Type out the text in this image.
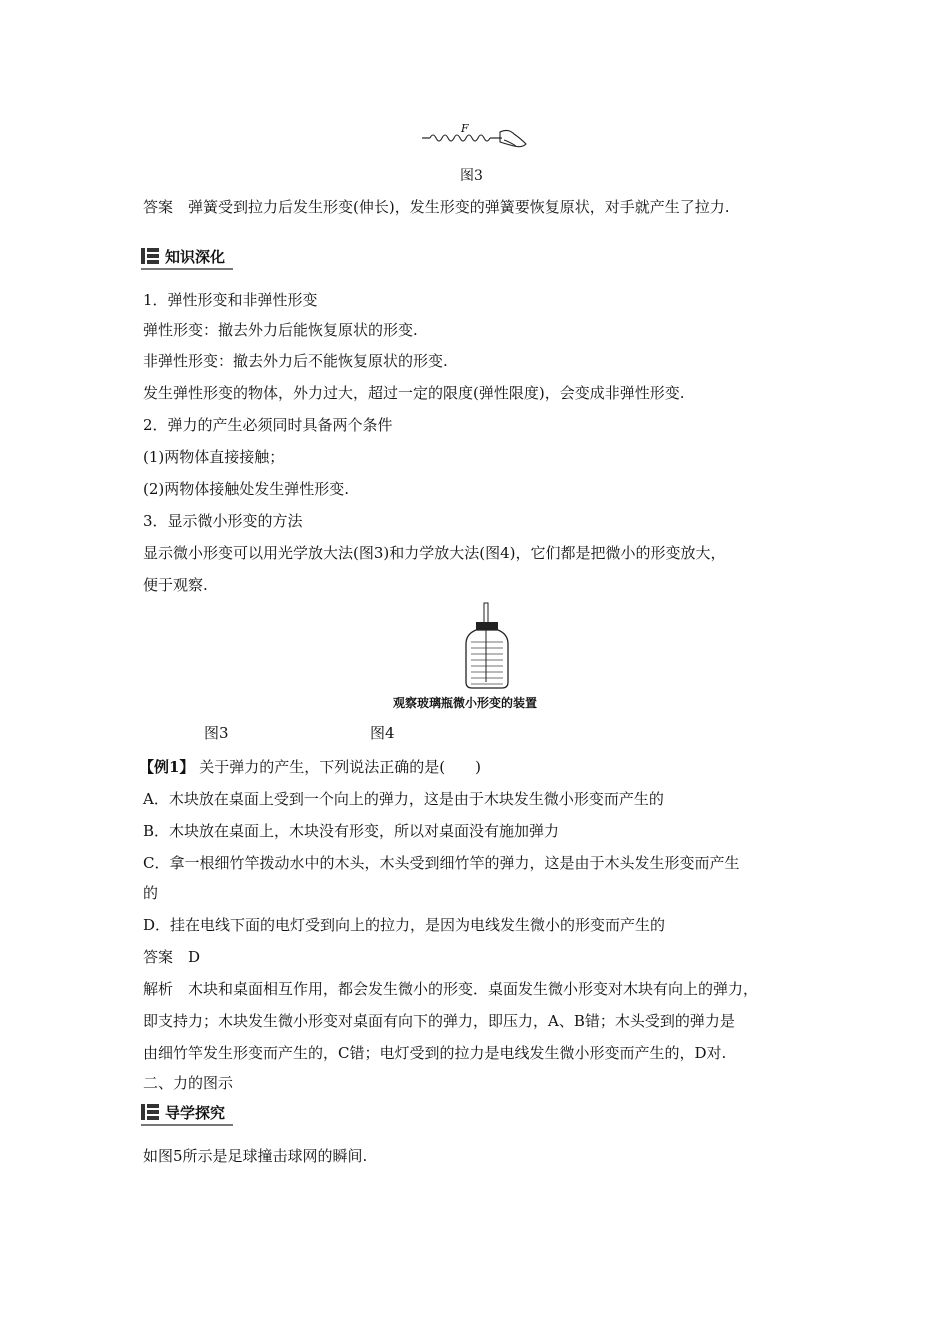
F
图3
答案　弹簧受到拉力后发生形变(伸长)，发生形变的弹簧要恢复原状，对手就产生了拉力.
知识深化
1．弹性形变和非弹性形变
弹性形变：撤去外力后能恢复原状的形变.
非弹性形变：撤去外力后不能恢复原状的形变.
发生弹性形变的物体，外力过大，超过一定的限度(弹性限度)，会变成非弹性形变.
2．弹力的产生必须同时具备两个条件
(1)两物体直接接触；
(2)两物体接触处发生弹性形变.
3．显示微小形变的方法
显示微小形变可以用光学放大法(图3)和力学放大法(图4)，它们都是把微小的形变放大，
便于观察.
观察玻璃瓶微小形变的装置
图3	图4
【例1】 关于弹力的产生，下列说法正确的是(　　)
A．木块放在桌面上受到一个向上的弹力，这是由于木块发生微小形变而产生的
B．木块放在桌面上，木块没有形变，所以对桌面没有施加弹力
C．拿一根细竹竿拨动水中的木头，木头受到细竹竿的弹力，这是由于木头发生形变而产生
的
D．挂在电线下面的电灯受到向上的拉力，是因为电线发生微小的形变而产生的
答案　D
解析　木块和桌面相互作用，都会发生微小的形变．桌面发生微小形变对木块有向上的弹力，
即支持力；木块发生微小形变对桌面有向下的弹力，即压力，A、B错；木头受到的弹力是
由细竹竿发生形变而产生的，C错；电灯受到的拉力是电线发生微小形变而产生的，D对.
二、力的图示
导学探究
如图5所示是足球撞击球网的瞬间.
